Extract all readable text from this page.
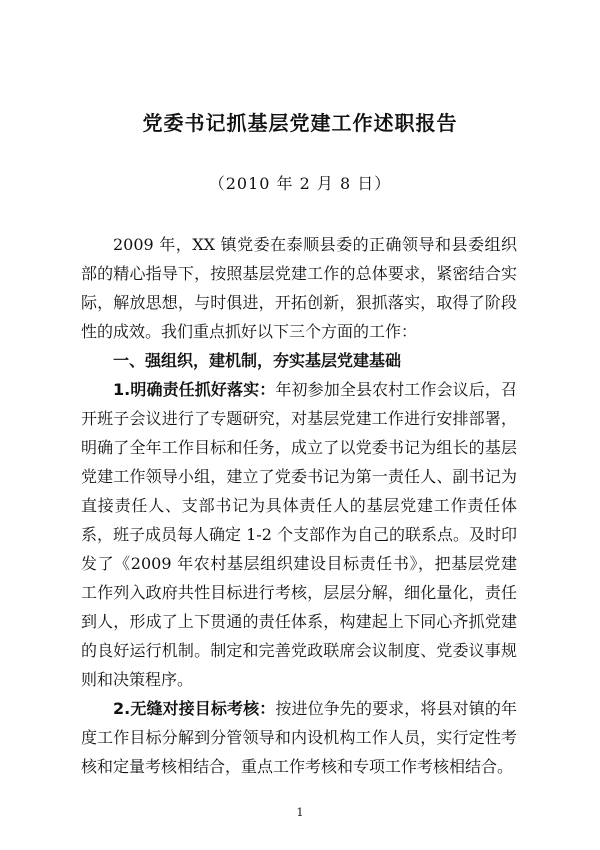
党委书记抓基层党建工作述职报告
（2010 年 2 月 8 日）

2009 年，XX 镇党委在泰顺县委的正确领导和县委组织部的精心指导下，按照基层党建工作的总体要求，紧密结合实际，解放思想，与时俱进，开拓创新，狠抓落实，取得了阶段性的成效。我们重点抓好以下三个方面的工作：

一、强组织，建机制，夯实基层党建基础

1.明确责任抓好落实：年初参加全县农村工作会议后，召开班子会议进行了专题研究，对基层党建工作进行安排部署，明确了全年工作目标和任务，成立了以党委书记为组长的基层党建工作领导小组，建立了党委书记为第一责任人、副书记为直接责任人、支部书记为具体责任人的基层党建工作责任体系，班子成员每人确定 1-2 个支部作为自己的联系点。及时印发了《2009 年农村基层组织建设目标责任书》，把基层党建工作列入政府共性目标进行考核，层层分解，细化量化，责任到人，形成了上下贯通的责任体系，构建起上下同心齐抓党建的良好运行机制。制定和完善党政联席会议制度、党委议事规则和决策程序。

2.无缝对接目标考核：按进位争先的要求，将县对镇的年度工作目标分解到分管领导和内设机构工作人员，实行定性考核和定量考核相结合，重点工作考核和专项工作考核相结合。

1
